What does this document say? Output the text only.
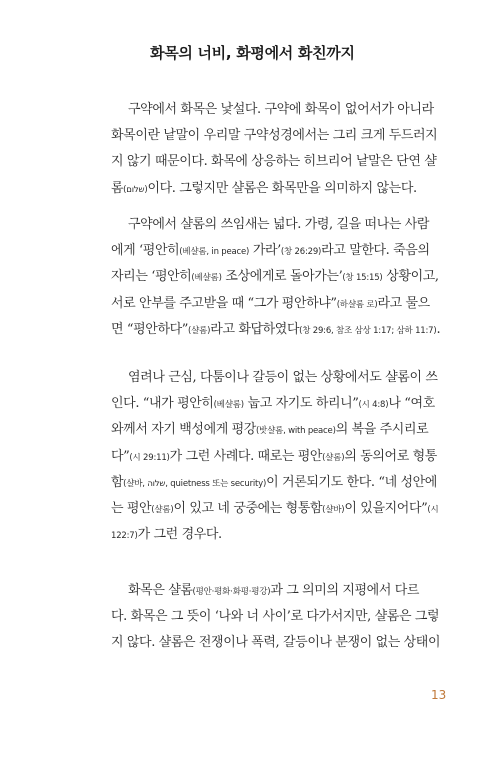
화목의 너비, 화평에서 화친까지
구약에서 화목은 낯설다. 구약에 화목이 없어서가 아니라
화목이란 낱말이 우리말 구약성경에서는 그리 크게 두드러지
지 않기 때문이다. 화목에 상응하는 히브리어 낱말은 단연 샬
롬(שלום)이다. 그렇지만 샬롬은 화목만을 의미하지 않는다.
구약에서 샬롬의 쓰임새는 넓다. 가령, 길을 떠나는 사람
에게 ‘평안히(베샬롬, in peace) 가라’(창 26:29)라고 말한다. 죽음의
자리는 ‘평안히(베샬롬) 조상에게로 돌아가는’(창 15:15) 상황이고,
서로 안부를 주고받을 때 “그가 평안하냐”(하샬롬 로)라고 물으
면 “평안하다”(샬롬)라고 화답하였다(창 29:6, 참조 삼상 1:17; 삼하 11:7).
염려나 근심, 다툼이나 갈등이 없는 상황에서도 샬롬이 쓰
인다. “내가 평안히(베샬롬) 눕고 자기도 하리니”(시 4:8)나 “여호
와께서 자기 백성에게 평강(밧샬롬, with peace)의 복을 주시리로
다”(시 29:11)가 그런 사례다. 때로는 평안(샬롬)의 동의어로 형통
함(샬바, שלוה, quietness 또는 security)이 거론되기도 한다. “네 성안에
는 평안(샬롬)이 있고 네 궁중에는 형통함(샬바)이 있을지어다”(시
122:7)가 그런 경우다.
화목은 샬롬(평안·평화·화평·평강)과 그 의미의 지평에서 다르
다. 화목은 그 뜻이 ‘나와 너 사이’로 다가서지만, 샬롬은 그렇
지 않다. 샬롬은 전쟁이나 폭력, 갈등이나 분쟁이 없는 상태이
13
